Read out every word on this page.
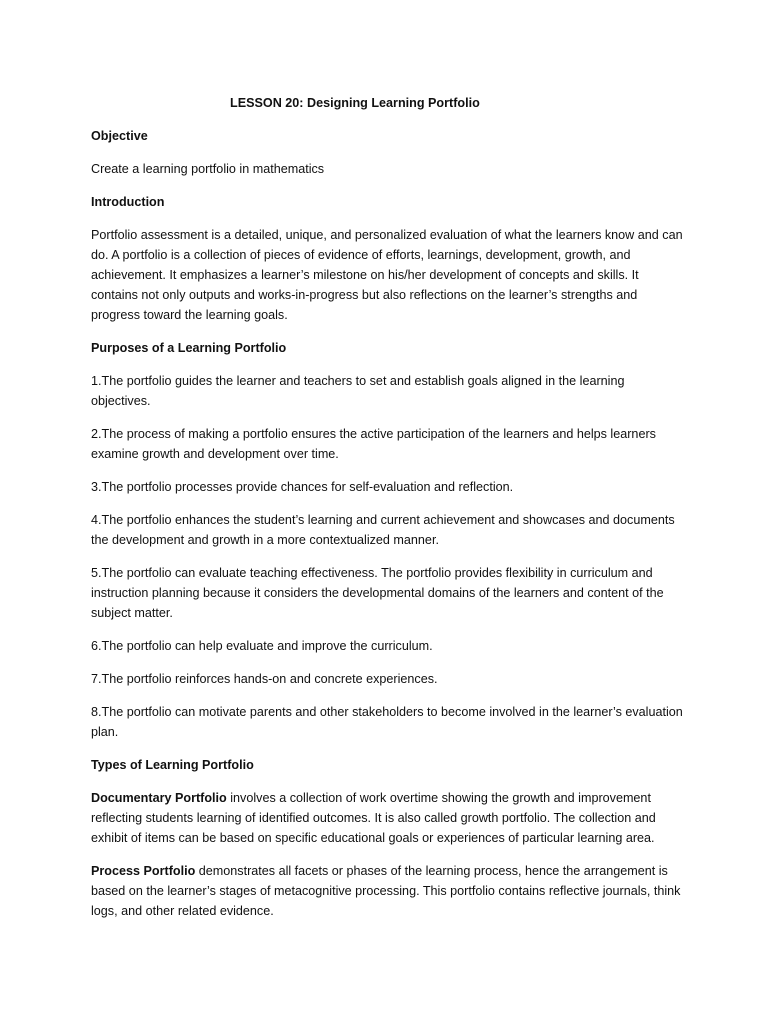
LESSON 20: Designing Learning Portfolio
Objective
Create a learning portfolio in mathematics
Introduction
Portfolio assessment is a detailed, unique, and personalized evaluation of what the learners know and can do. A portfolio is a collection of pieces of evidence of efforts, learnings, development, growth, and achievement. It emphasizes a learner’s milestone on his/her development of concepts and skills. It contains not only outputs and works-in-progress but also reflections on the learner’s strengths and progress toward the learning goals.
Purposes of a Learning Portfolio
1.The portfolio guides the learner and teachers to set and establish goals aligned in the learning objectives.
2.The process of making a portfolio ensures the active participation of the learners and helps learners examine growth and development over time.
3.The portfolio processes provide chances for self-evaluation and reflection.
4.The portfolio enhances the student’s learning and current achievement and showcases and documents the development and growth in a more contextualized manner.
5.The portfolio can evaluate teaching effectiveness. The portfolio provides flexibility in curriculum and instruction planning because it considers the developmental domains of the learners and content of the subject matter.
6.The portfolio can help evaluate and improve the curriculum.
7.The portfolio reinforces hands-on and concrete experiences.
8.The portfolio can motivate parents and other stakeholders to become involved in the learner’s evaluation plan.
Types of Learning Portfolio
Documentary Portfolio involves a collection of work overtime showing the growth and improvement reflecting students learning of identified outcomes. It is also called growth portfolio. The collection and exhibit of items can be based on specific educational goals or experiences of particular learning area.
Process Portfolio demonstrates all facets or phases of the learning process, hence the arrangement is based on the learner’s stages of metacognitive processing. This portfolio contains reflective journals, think logs, and other related evidence.
